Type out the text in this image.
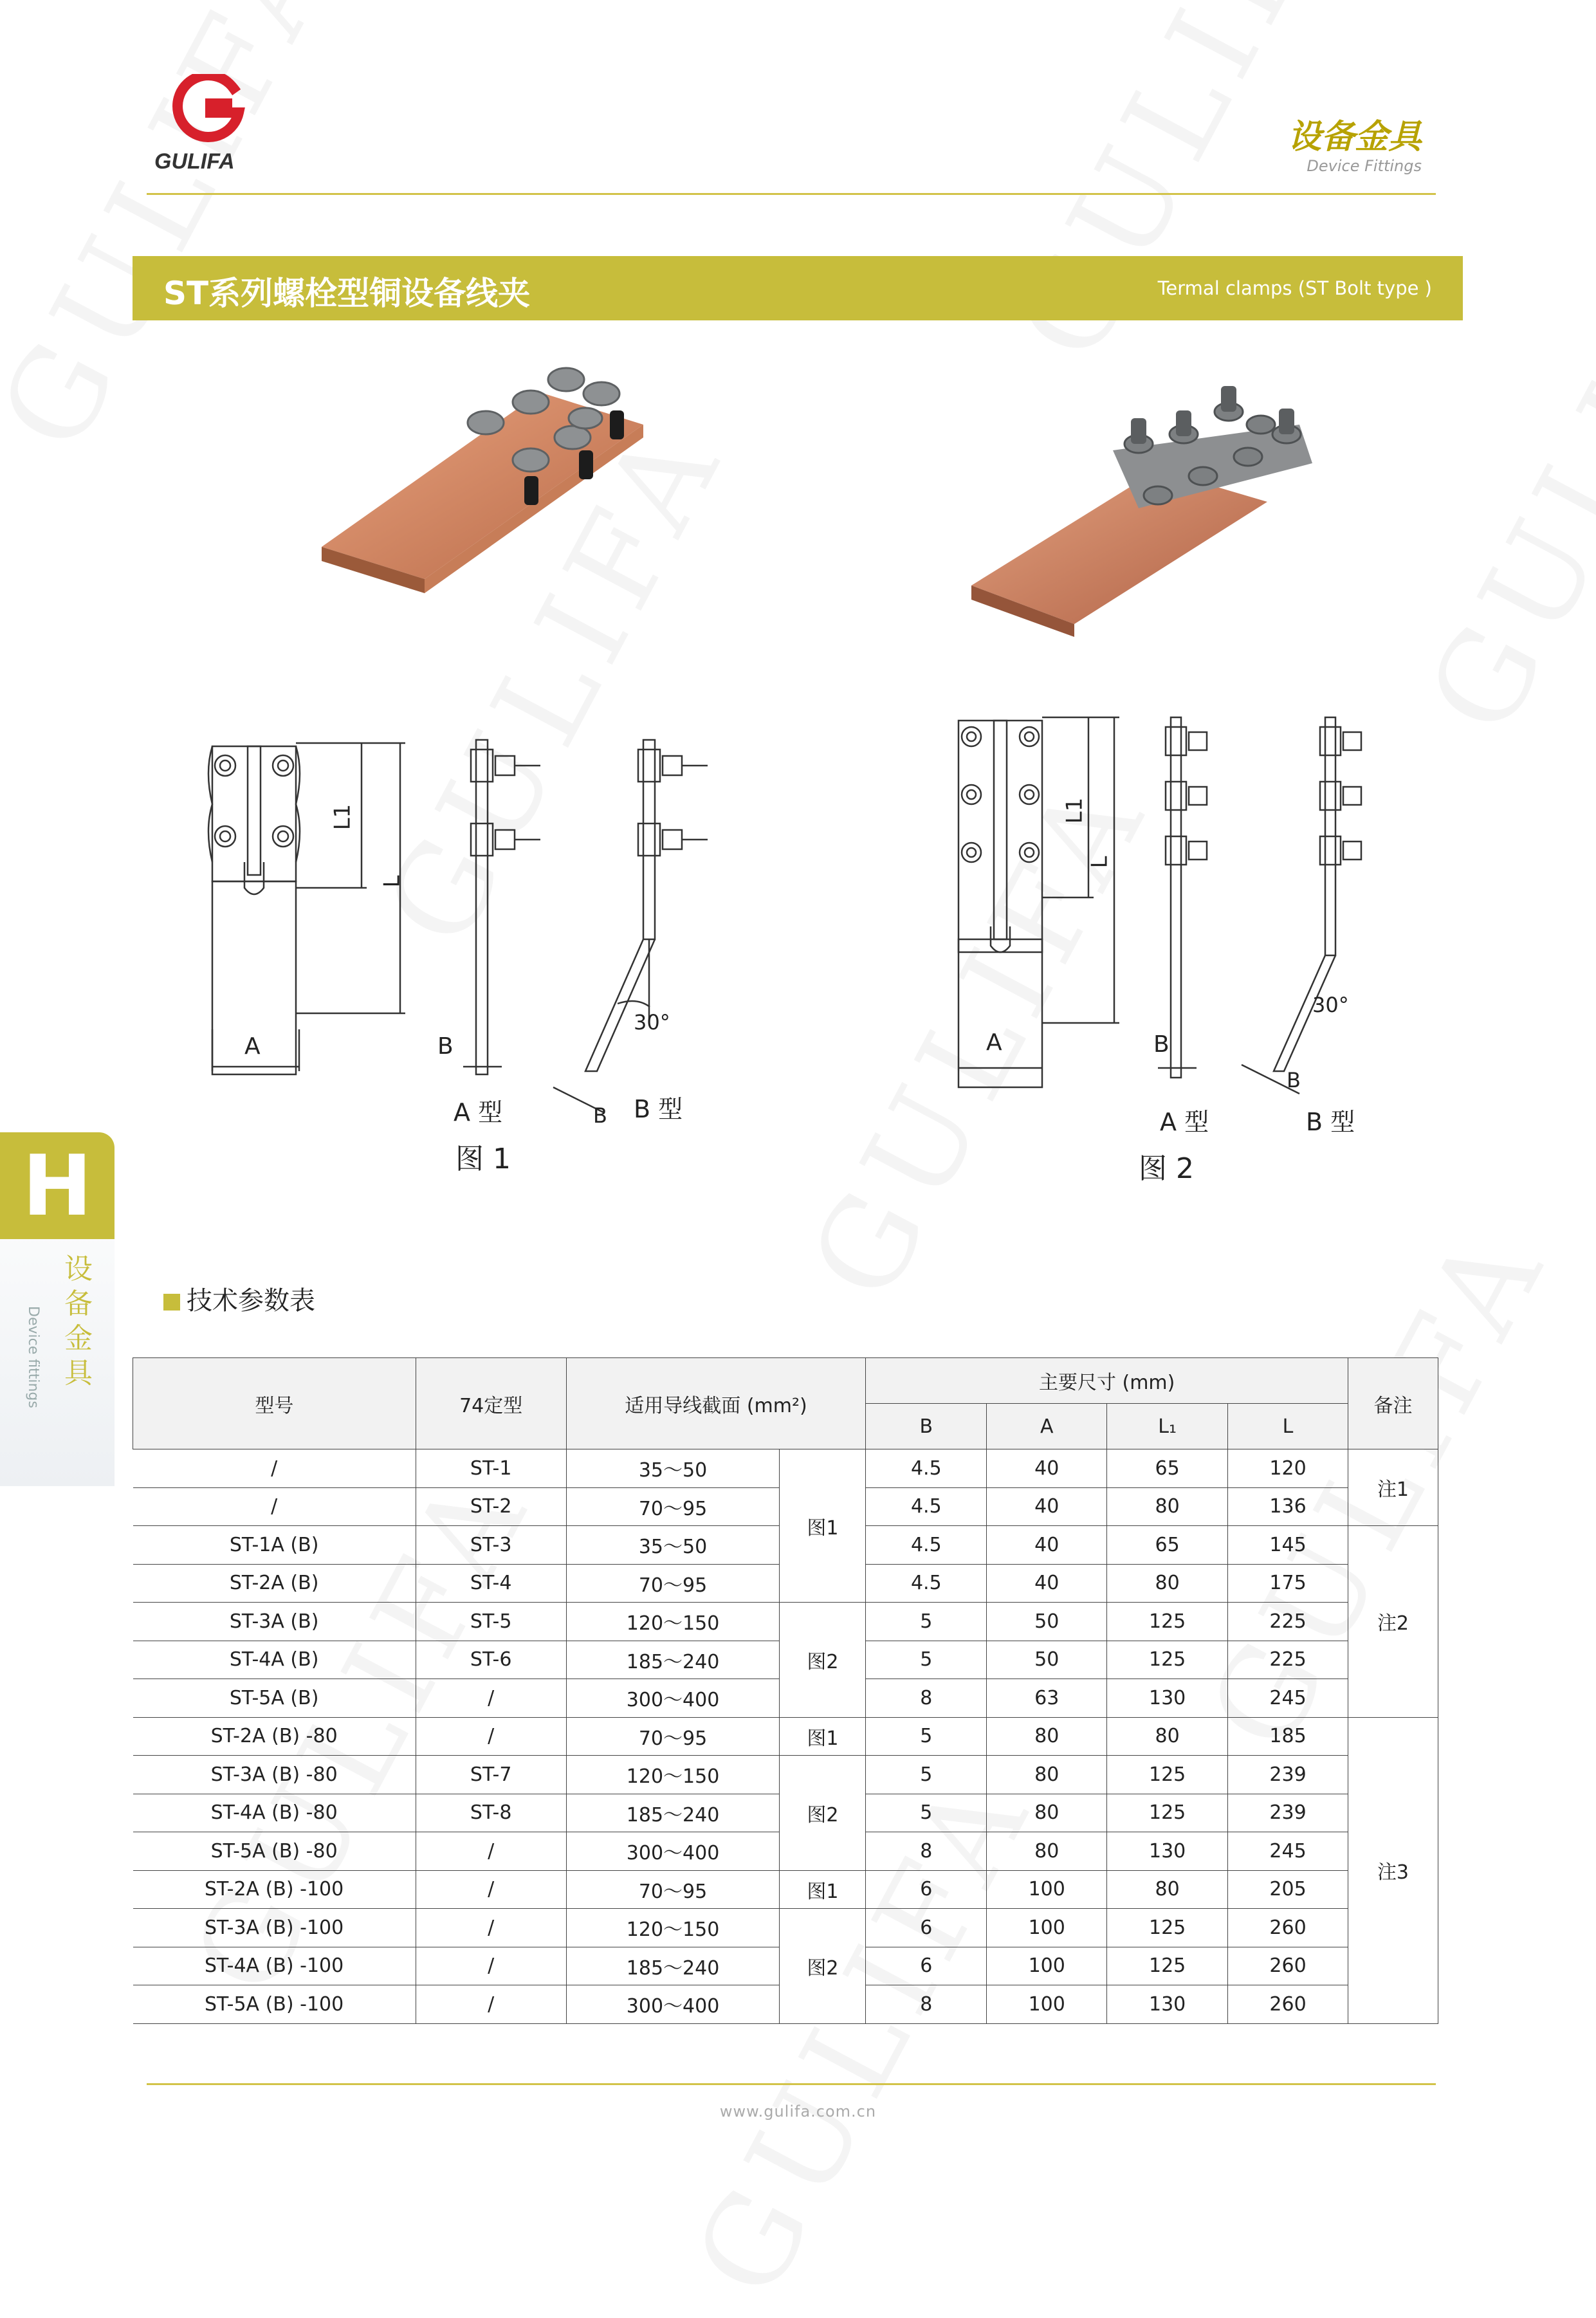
GULIFA
设备金具
Device Fittings
ST系列螺栓型铜设备线夹	Termal clamps (ST Bolt type )
L1
L
A	B
30°
B
A 型	B 型
图 1
L1
L
A	B
30°
B
A 型	B 型
图 2
H
设备金具
Device fittings
技术参数表
型号	74定型	适用导线截面 (mm²)		主要尺寸 (mm)				备注
				B	A	L₁	L	
/	ST-1	35～50	图1	4.5	40	65	120	注1
/	ST-2	70～95		4.5	40	80	136	
ST-1A (B)	ST-3	35～50		4.5	40	65	145	注2
ST-2A (B)	ST-4	70～95		4.5	40	80	175	
ST-3A (B)	ST-5	120～150	图2	5	50	125	225	
ST-4A (B)	ST-6	185～240		5	50	125	225	
ST-5A (B)	/	300～400		8	63	130	245	
ST-2A (B) -80	/	70～95	图1	5	80	80	185	注3
ST-3A (B) -80	ST-7	120～150	图2	5	80	125	239	
ST-4A (B) -80	ST-8	185～240		5	80	125	239	
ST-5A (B) -80	/	300～400		8	80	130	245	
ST-2A (B) -100	/	70～95	图1	6	100	80	205	
ST-3A (B) -100	/	120～150	图2	6	100	125	260	
ST-4A (B) -100	/	185～240		6	100	125	260	
ST-5A (B) -100	/	300～400		8	100	130	260	
www.gulifa.com.cn
